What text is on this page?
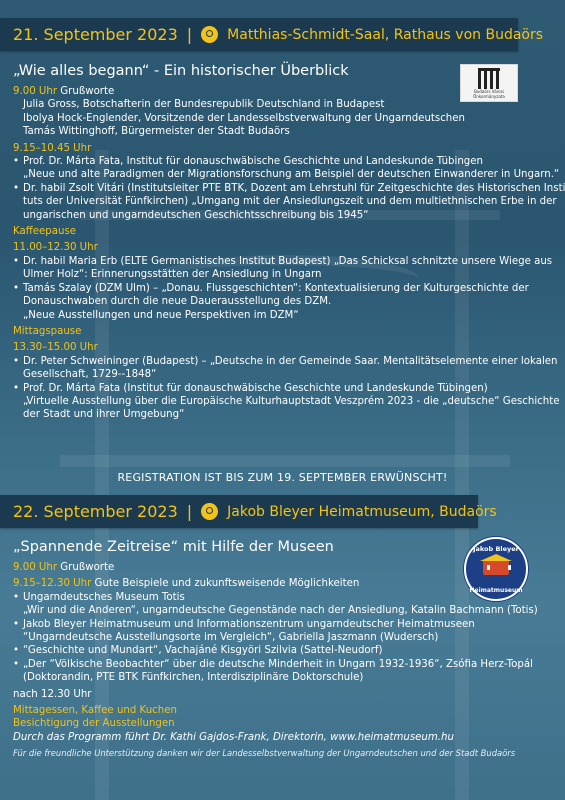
21. September 2023 |	Matthias-Schmidt-Saal, Rathaus von Budaörs
Budaörs Városi Önkormányzata
„Wie alles begann“ - Ein historischer Überblick
9.00 Uhr Grußworte
Julia Gross, Botschafterin der Bundesrepublik Deutschland in Budapest
Ibolya Hock-Englender, Vorsitzende der Landesselbstverwaltung der Ungarndeutschen
Tamás Wittinghoff, Bürgermeister der Stadt Budaörs
9.15–10.45 Uhr
• Prof. Dr. Márta Fata, Institut für donauschwäbische Geschichte und Landeskunde Tübingen
„Neue und alte Paradigmen der Migrationsforschung am Beispiel der deutschen Einwanderer in Ungarn.“
• Dr. habil Zsolt Vitári (Institutsleiter PTE BTK, Dozent am Lehrstuhl für Zeitgeschichte des Historischen Insti
tuts der Universität Fünfkirchen) „Umgang mit der Ansiedlungszeit und dem multiethnischen Erbe in der
ungarischen und ungarndeutschen Geschichtsschreibung bis 1945“
Kaffeepause
11.00–12.30 Uhr
• Dr. habil Maria Erb (ELTE Germanistisches Institut Budapest) „Das Schicksal schnitzte unsere Wiege aus
Ulmer Holz“: Erinnerungsstätten der Ansiedlung in Ungarn
• Tamás Szalay (DZM Ulm) – „Donau. Flussgeschichten“: Kontextualisierung der Kulturgeschichte der
Donauschwaben durch die neue Dauerausstellung des DZM.
„Neue Ausstellungen und neue Perspektiven im DZM“
Mittagspause
13.30–15.00 Uhr
• Dr. Peter Schweininger (Budapest) – „Deutsche in der Gemeinde Saar. Mentalitätselemente einer lokalen
Gesellschaft, 1729--1848“
• Prof. Dr. Márta Fata (Institut für donauschwäbische Geschichte und Landeskunde Tübingen)
„Virtuelle Ausstellung über die Europäische Kulturhauptstadt Veszprém 2023 - die „deutsche“ Geschichte
der Stadt und ihrer Umgebung“
REGISTRATION IST BIS ZUM 19. SEPTEMBER ERWÜNSCHT!
22. September 2023 |	Jakob Bleyer Heimatmuseum, Budaörs
Jakob Bleyer
Heimatmuseum
„Spannende Zeitreise“ mit Hilfe der Museen
9.00 Uhr Grußworte
9.15–12.30 Uhr Gute Beispiele und zukunftsweisende Möglichkeiten
• Ungarndeutsches Museum Totis
„Wir und die Anderen“, ungarndeutsche Gegenstände nach der Ansiedlung, Katalin Bachmann (Totis)
• Jakob Bleyer Heimatmuseum und Informationszentrum ungarndeutscher Heimatmuseen
“Ungarndeutsche Ausstellungsorte im Vergleich“, Gabriella Jaszmann (Wudersch)
• “Geschichte und Mundart“, Vachajáné Kisgyöri Szilvia (Sattel-Neudorf)
• „Der “Völkische Beobachter“ über die deutsche Minderheit in Ungarn 1932-1936“, Zsófia Herz-Topál
(Doktorandin, PTE BTK Fünfkirchen, Interdisziplinäre Doktorschule)
nach 12.30 Uhr
Mittagessen, Kaffee und Kuchen
Besichtigung der Ausstellungen
Durch das Programm führt Dr. Kathi Gajdos-Frank, Direktorin, www.heimatmuseum.hu
Für die freundliche Unterstützung danken wir der Landesselbstverwaltung der Ungarndeutschen und der Stadt Budaörs
